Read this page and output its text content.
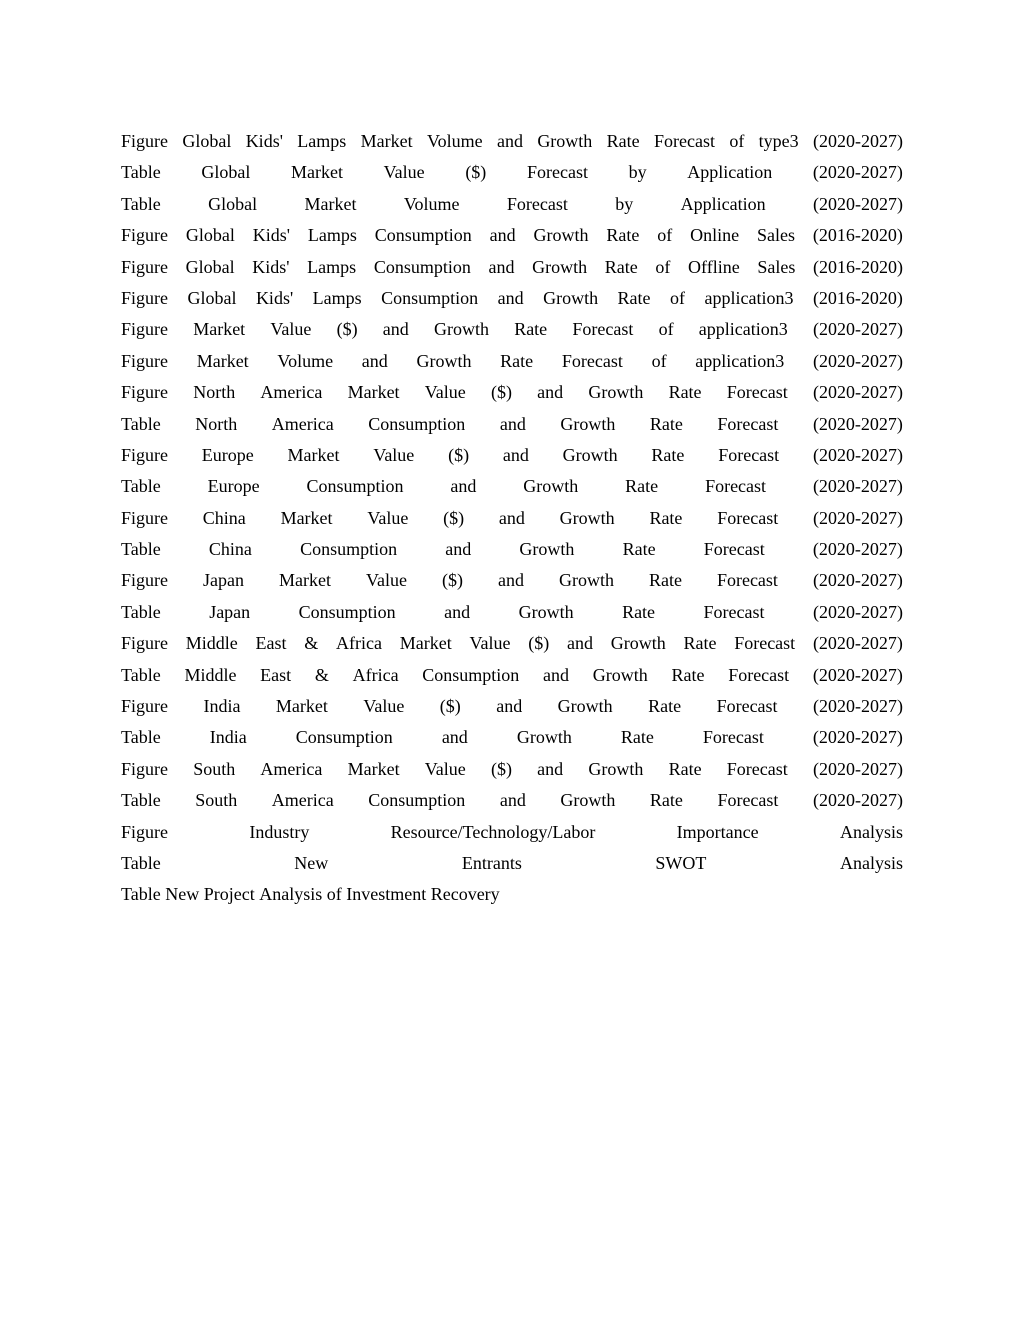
Figure Global Kids' Lamps Market Volume and Growth Rate Forecast of type3 (2020-2027)
Table Global Market Value ($) Forecast by Application (2020-2027)
Table	Global	Market	Volume	Forecast	by	Application	(2020-2027)
Figure Global Kids' Lamps Consumption and Growth Rate of Online Sales (2016-2020)
Figure Global Kids' Lamps Consumption and Growth Rate of Offline Sales (2016-2020)
Figure Global Kids' Lamps Consumption and Growth Rate of application3 (2016-2020)
Figure Market Value ($) and Growth Rate Forecast of application3 (2020-2027)
Figure Market Volume and Growth Rate Forecast of application3 (2020-2027)
Figure North America Market Value ($) and Growth Rate Forecast (2020-2027)
Table North America Consumption and Growth Rate Forecast (2020-2027)
Figure Europe Market Value ($) and Growth Rate Forecast (2020-2027)
Table	Europe	Consumption	and	Growth	Rate	Forecast	(2020-2027)
Figure China Market Value ($) and Growth Rate Forecast (2020-2027)
Table	China	Consumption	and	Growth	Rate	Forecast	(2020-2027)
Figure Japan Market Value ($) and Growth Rate Forecast (2020-2027)
Table	Japan	Consumption	and	Growth	Rate	Forecast	(2020-2027)
Figure Middle East & Africa Market Value ($) and Growth Rate Forecast (2020-2027)
Table Middle East & Africa Consumption and Growth Rate Forecast (2020-2027)
Figure India Market Value ($) and Growth Rate Forecast (2020-2027)
Table	India	Consumption	and	Growth	Rate	Forecast	(2020-2027)
Figure South America Market Value ($) and Growth Rate Forecast (2020-2027)
Table South America Consumption and Growth Rate Forecast (2020-2027)
Figure	Industry	Resource/Technology/Labor	Importance	Analysis
Table	New	Entrants	SWOT	Analysis
Table New Project Analysis of Investment Recovery
